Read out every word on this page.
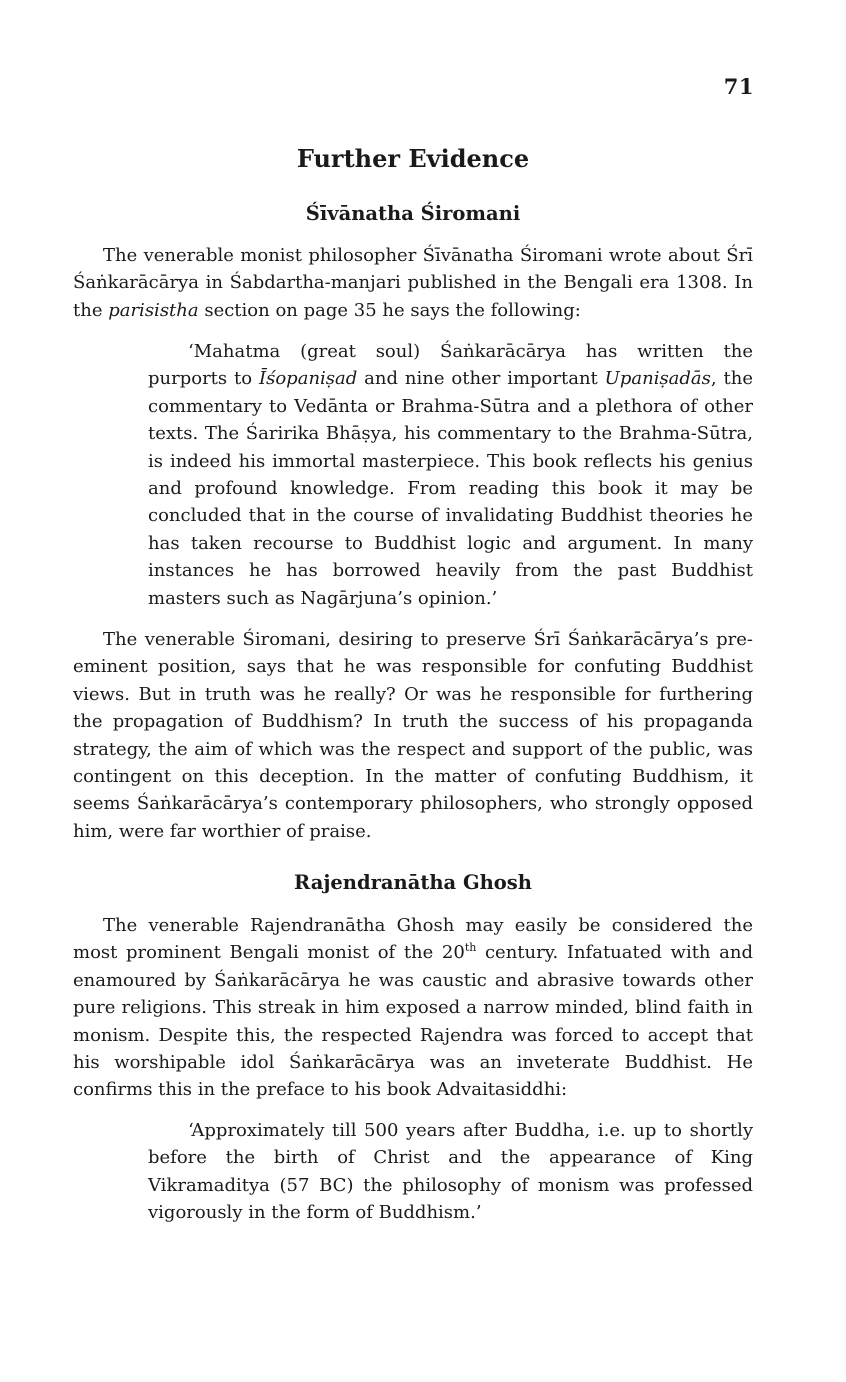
71
Further Evidence
Śīvānatha Śiromani

The venerable monist philosopher Śīvānatha Śiromani wrote about Śrī Śaṅkarācārya in Śabdartha-manjari published in the Bengali era 1308. In the parisistha section on page 35 he says the following:

‘Mahatma (great soul) Śaṅkarācārya has written the purports to Īśopaniṣad and nine other important Upaniṣadās, the commentary to Vedānta or Brahma-Sūtra and a plethora of other texts. The Śaririka Bhāṣya, his commentary to the Brahma-Sūtra, is indeed his immortal masterpiece. This book reflects his genius and profound knowledge. From reading this book it may be concluded that in the course of invalidating Buddhist theories he has taken recourse to Buddhist logic and argument. In many instances he has borrowed heavily from the past Buddhist masters such as Nagārjuna’s opinion.’

The venerable Śiromani, desiring to preserve Śrī Śaṅkarācārya’s pre-eminent position, says that he was responsible for confuting Buddhist views. But in truth was he really? Or was he responsible for furthering the propagation of Buddhism? In truth the success of his propaganda strategy, the aim of which was the respect and support of the public, was contingent on this deception. In the matter of confuting Buddhism, it seems Śaṅkarācārya’s contemporary philosophers, who strongly opposed him, were far worthier of praise.

Rajendranātha Ghosh

The venerable Rajendranātha Ghosh may easily be considered the most prominent Bengali monist of the 20th century. Infatuated with and enamoured by Śaṅkarācārya he was caustic and abrasive towards other pure religions. This streak in him exposed a narrow minded, blind faith in monism. Despite this, the respected Rajendra was forced to accept that his worshipable idol Śaṅkarācārya was an inveterate Buddhist. He confirms this in the preface to his book Advaitasiddhi:

‘Approximately till 500 years after Buddha, i.e. up to shortly before the birth of Christ and the appearance of King Vikramaditya (57 BC) the philosophy of monism was professed vigorously in the form of Buddhism.’
